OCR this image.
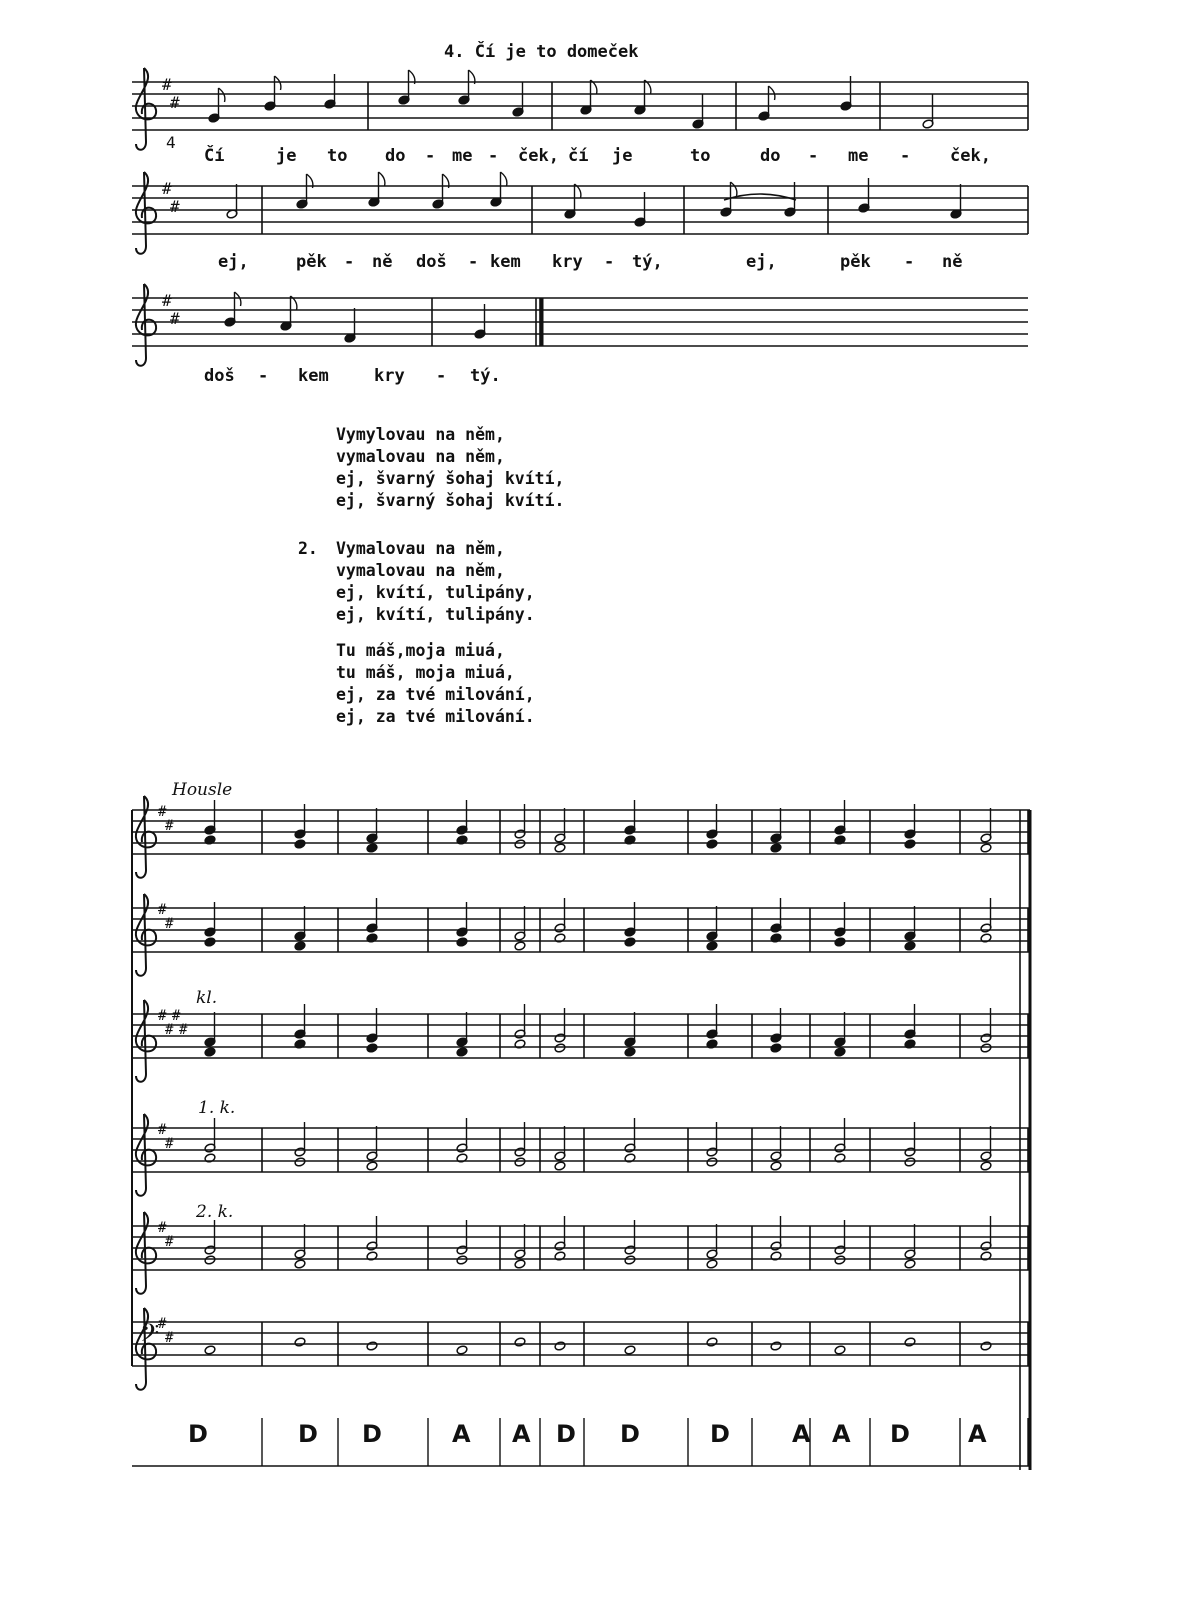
4. Čí je to domeček
#
#
#
#
#
#
4
#
#
#
#
#
#
#
#
#
#
#
#
#
#
𝄢
D D	A A D D	D	A A D A
D
Čí	je to do - me - ček, čí je	to	do - me - ček,
ej,	pěk - ně doš - kem kry - tý,	ej,	pěk - ně
doš - kem	kry - tý.
Vymylovau na něm,
vymalovau na něm,
ej, švarný šohaj kvítí,
ej, švarný šohaj kvítí.
2. Vymalovau na něm,
vymalovau na něm,
ej, kvítí, tulipány,
ej, kvítí, tulipány.
Tu máš,moja miuá,
tu máš, moja miuá,
ej, za tvé milování,
ej, za tvé milování.
Housle
kl.
1. k.
2. k.
